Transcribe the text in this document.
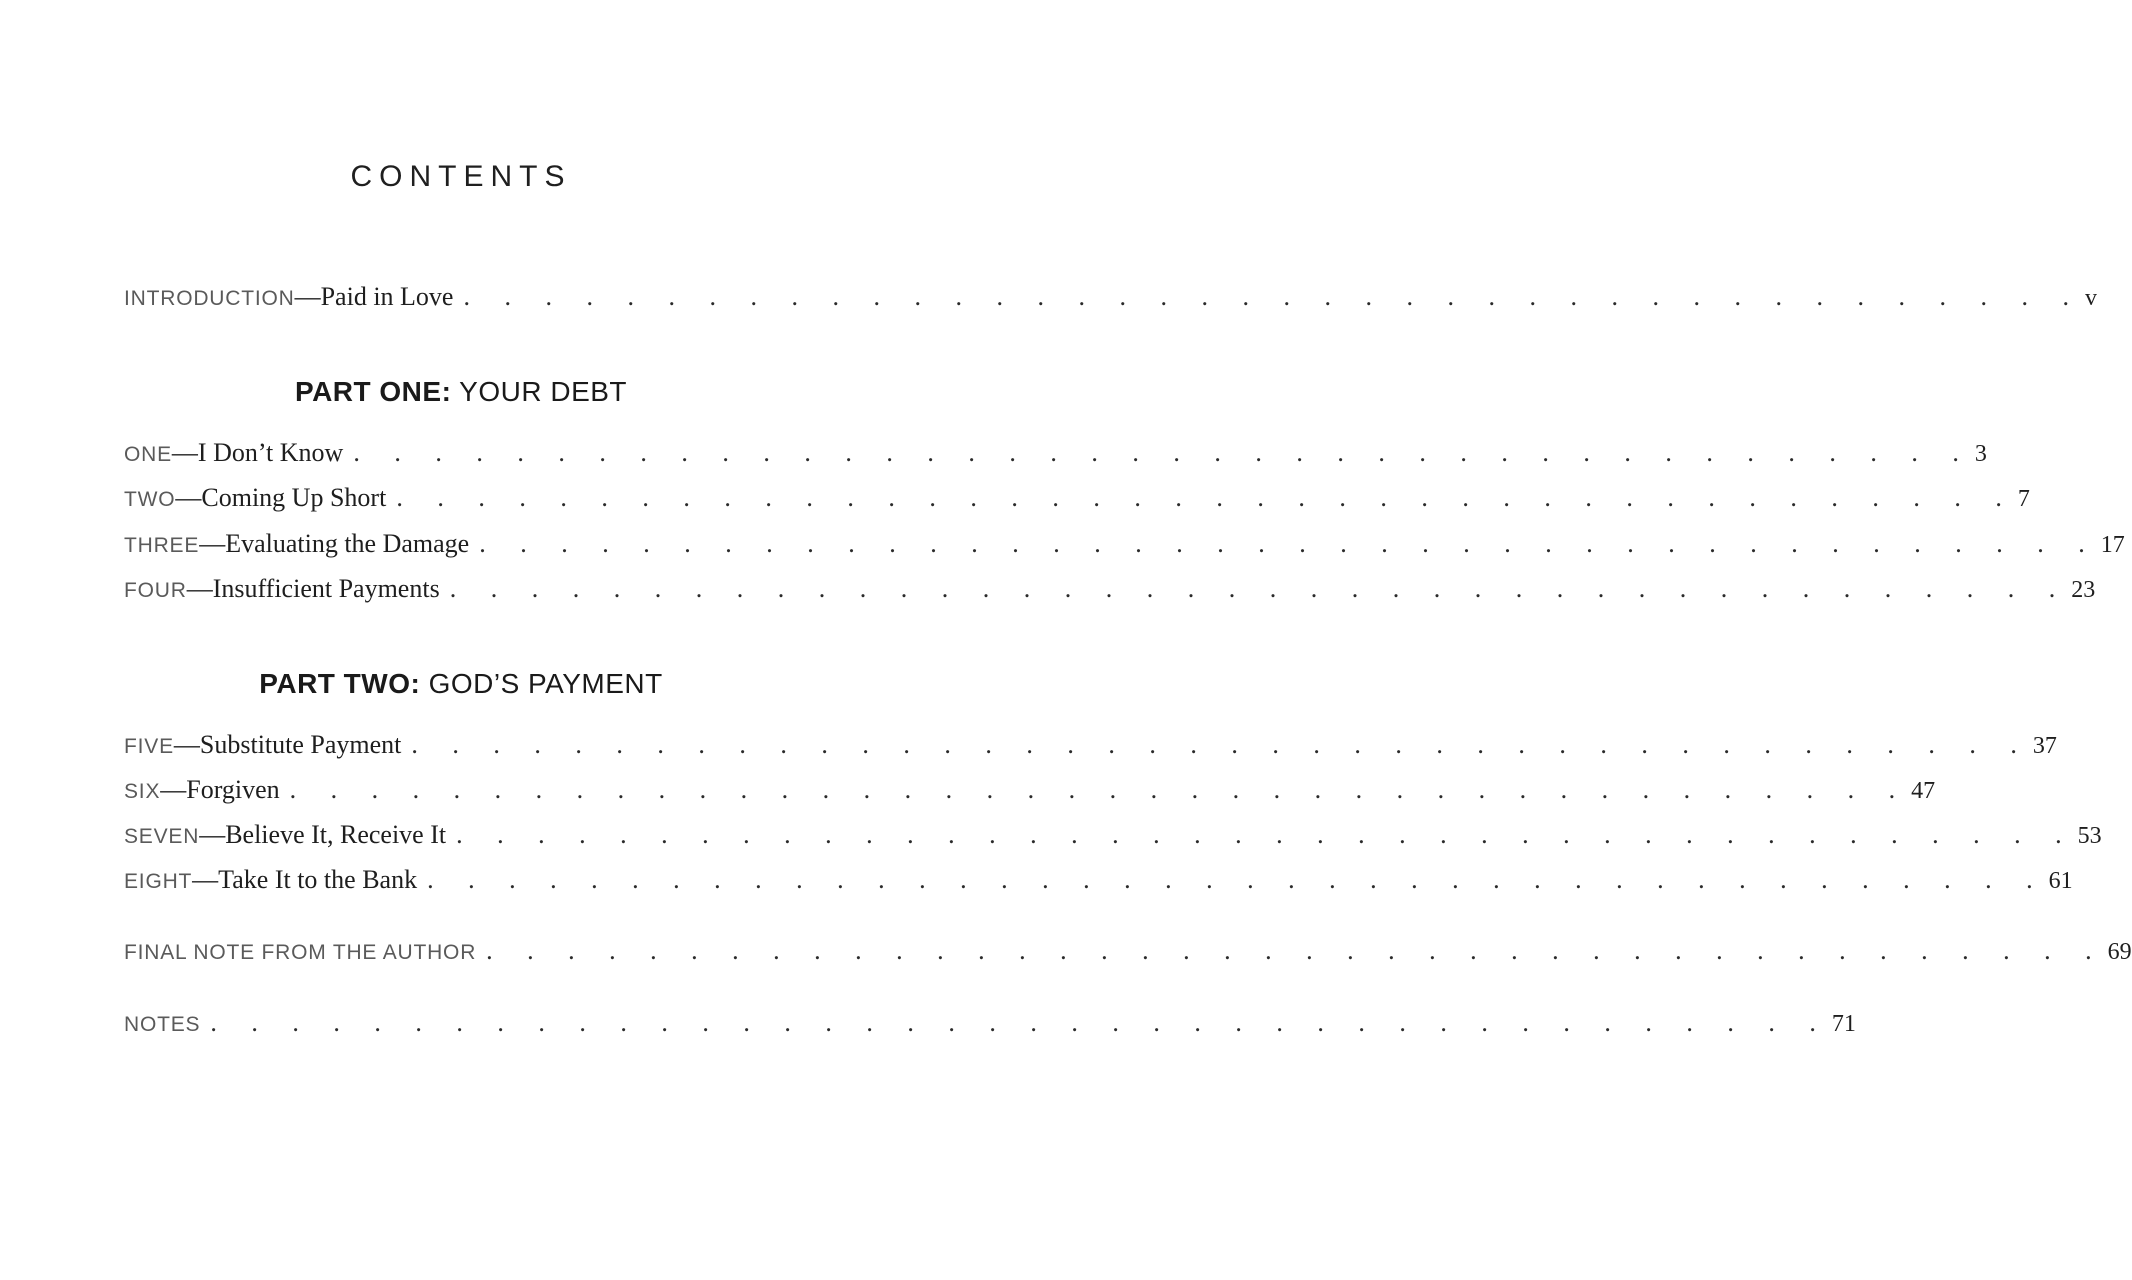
CONTENTS
INTRODUCTION — Paid in Love . . . . . . . . . . . . . . . . . . . . . . . . . . . . . . . . . . . . . . . . v
PART ONE: YOUR DEBT
ONE — I Don’t Know . . . . . . . . . . . . . . . . . . . . . . . . . . . . . . . . . . . . . . . . 3
TWO — Coming Up Short . . . . . . . . . . . . . . . . . . . . . . . . . . . . . . . . . . . . . . . . 7
THREE — Evaluating the Damage . . . . . . . . . . . . . . . . . . . . . . . . . . . . . . . . . . . . . . . . 17
FOUR — Insufficient Payments . . . . . . . . . . . . . . . . . . . . . . . . . . . . . . . . . . . . . . . . 23
PART TWO: GOD’S PAYMENT
FIVE — Substitute Payment . . . . . . . . . . . . . . . . . . . . . . . . . . . . . . . . . . . . . . . . 37
SIX — Forgiven . . . . . . . . . . . . . . . . . . . . . . . . . . . . . . . . . . . . . . . . 47
SEVEN — Believe It, Receive It . . . . . . . . . . . . . . . . . . . . . . . . . . . . . . . . . . . . . . . . 53
EIGHT — Take It to the Bank . . . . . . . . . . . . . . . . . . . . . . . . . . . . . . . . . . . . . . . . 61
FINAL NOTE FROM THE AUTHOR . . . . . . . . . . . . . . . . . . . . . . . . . . . . . . . . . . . . . . . . 69
NOTES . . . . . . . . . . . . . . . . . . . . . . . . . . . . . . . . . . . . . . . . 71
